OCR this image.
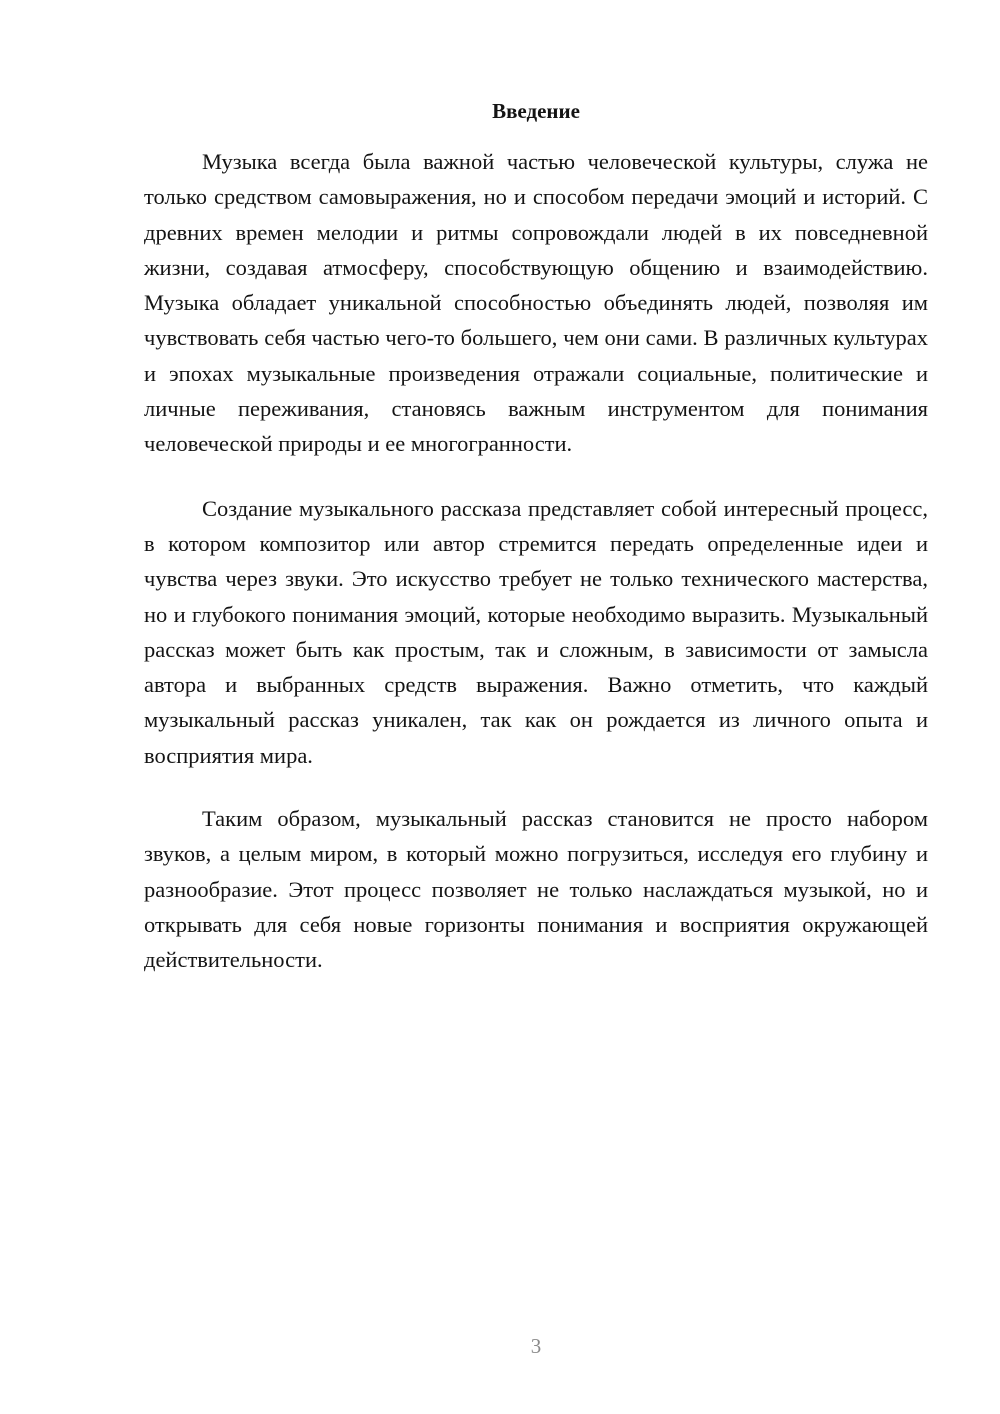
Введение

Музыка всегда была важной частью человеческой культуры, служа не только средством самовыражения, но и способом передачи эмоций и историй. С древних времен мелодии и ритмы сопровождали людей в их повседневной жизни, создавая атмосферу, способствующую общению и взаимодействию. Музыка обладает уникальной способностью объединять людей, позволяя им чувствовать себя частью чего-то большего, чем они сами. В различных культурах и эпохах музыкальные произведения отражали социальные, политические и личные переживания, становясь важным инструментом для понимания человеческой природы и ее многогранности.

Создание музыкального рассказа представляет собой интересный процесс, в котором композитор или автор стремится передать определенные идеи и чувства через звуки. Это искусство требует не только технического мастерства, но и глубокого понимания эмоций, которые необходимо выразить. Музыкальный рассказ может быть как простым, так и сложным, в зависимости от замысла автора и выбранных средств выражения. Важно отметить, что каждый музыкальный рассказ уникален, так как он рождается из личного опыта и восприятия мира.

Таким образом, музыкальный рассказ становится не просто набором звуков, а целым миром, в который можно погрузиться, исследуя его глубину и разнообразие. Этот процесс позволяет не только наслаждаться музыкой, но и открывать для себя новые горизонты понимания и восприятия окружающей действительности.

3
